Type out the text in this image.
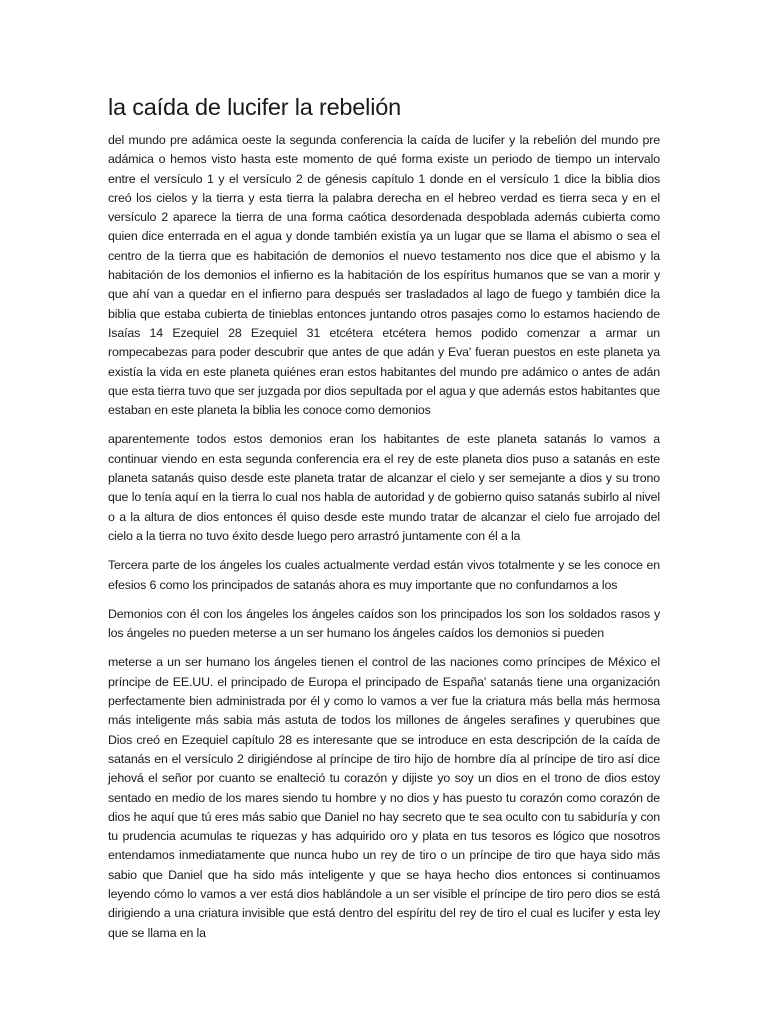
la caída de lucifer la rebelión

del mundo pre adámica oeste la segunda conferencia la caída de lucifer y la rebelión del mundo pre adámica o hemos visto hasta este momento de qué forma existe un periodo de tiempo un intervalo entre el versículo 1 y el versículo 2 de génesis capítulo 1 donde en el versículo 1 dice la biblia dios creó los cielos y la tierra y esta tierra la palabra derecha en el hebreo verdad es tierra seca y en el versículo 2 aparece la tierra de una forma caótica desordenada despoblada además cubierta como quien dice enterrada en el agua y donde también existía ya un lugar que se llama el abismo o sea el centro de la tierra que es habitación de demonios el nuevo testamento nos dice que el abismo y la habitación de los demonios el infierno es la habitación de los espíritus humanos que se van a morir y que ahí van a quedar en el infierno para después ser trasladados al lago de fuego y también dice la biblia que estaba cubierta de tinieblas entonces juntando otros pasajes como lo estamos haciendo de Isaías 14 Ezequiel 28 Ezequiel 31 etcétera etcétera hemos podido comenzar a armar un rompecabezas para poder descubrir que antes de que adán y Eva' fueran puestos en este planeta ya existía la vida en este planeta quiénes eran estos habitantes del mundo pre adámico o antes de adán que esta tierra tuvo que ser juzgada por dios sepultada por el agua y que además estos habitantes que estaban en este planeta la biblia les conoce como demonios

aparentemente todos estos demonios eran los habitantes de este planeta satanás lo vamos a continuar viendo en esta segunda conferencia era el rey de este planeta dios puso a satanás en este planeta satanás quiso desde este planeta tratar de alcanzar el cielo y ser semejante a dios y su trono que lo tenía aquí en la tierra lo cual nos habla de autoridad y de gobierno quiso satanás subirlo al nivel o a la altura de dios entonces él quiso desde este mundo tratar de alcanzar el cielo fue arrojado del cielo a la tierra no tuvo éxito desde luego pero arrastró juntamente con él a la

Tercera parte de los ángeles los cuales actualmente verdad están vivos totalmente y se les conoce en efesios 6 como los principados de satanás ahora es muy importante que no confundamos a los

Demonios con él con los ángeles los ángeles caídos son los principados los son los soldados rasos y los ángeles no pueden meterse a un ser humano los ángeles caídos los demonios si pueden

meterse a un ser humano los ángeles tienen el control de las naciones como príncipes de México el príncipe de EE.UU. el principado de Europa el principado de España' satanás tiene una organización perfectamente bien administrada por él y como lo vamos a ver fue la criatura más bella más hermosa más inteligente más sabia más astuta de todos los millones de ángeles serafines y querubines que Dios creó en Ezequiel capítulo 28 es interesante que se introduce en esta descripción de la caída de satanás en el versículo 2 dirigiéndose al príncipe de tiro hijo de hombre día al príncipe de tiro así dice jehová el señor por cuanto se enalteció tu corazón y dijiste yo soy un dios en el trono de dios estoy sentado en medio de los mares siendo tu hombre y no dios y has puesto tu corazón como corazón de dios he aquí que tú eres más sabio que Daniel no hay secreto que te sea oculto con tu sabiduría y con tu prudencia acumulas te riquezas y has adquirido oro y plata en tus tesoros es lógico que nosotros entendamos inmediatamente que nunca hubo un rey de tiro o un príncipe de tiro que haya sido más sabio que Daniel que ha sido más inteligente y que se haya hecho dios entonces si continuamos leyendo cómo lo vamos a ver está dios hablándole a un ser visible el príncipe de tiro pero dios se está dirigiendo a una criatura invisible que está dentro del espíritu del rey de tiro el cual es lucifer y esta ley que se llama en la
